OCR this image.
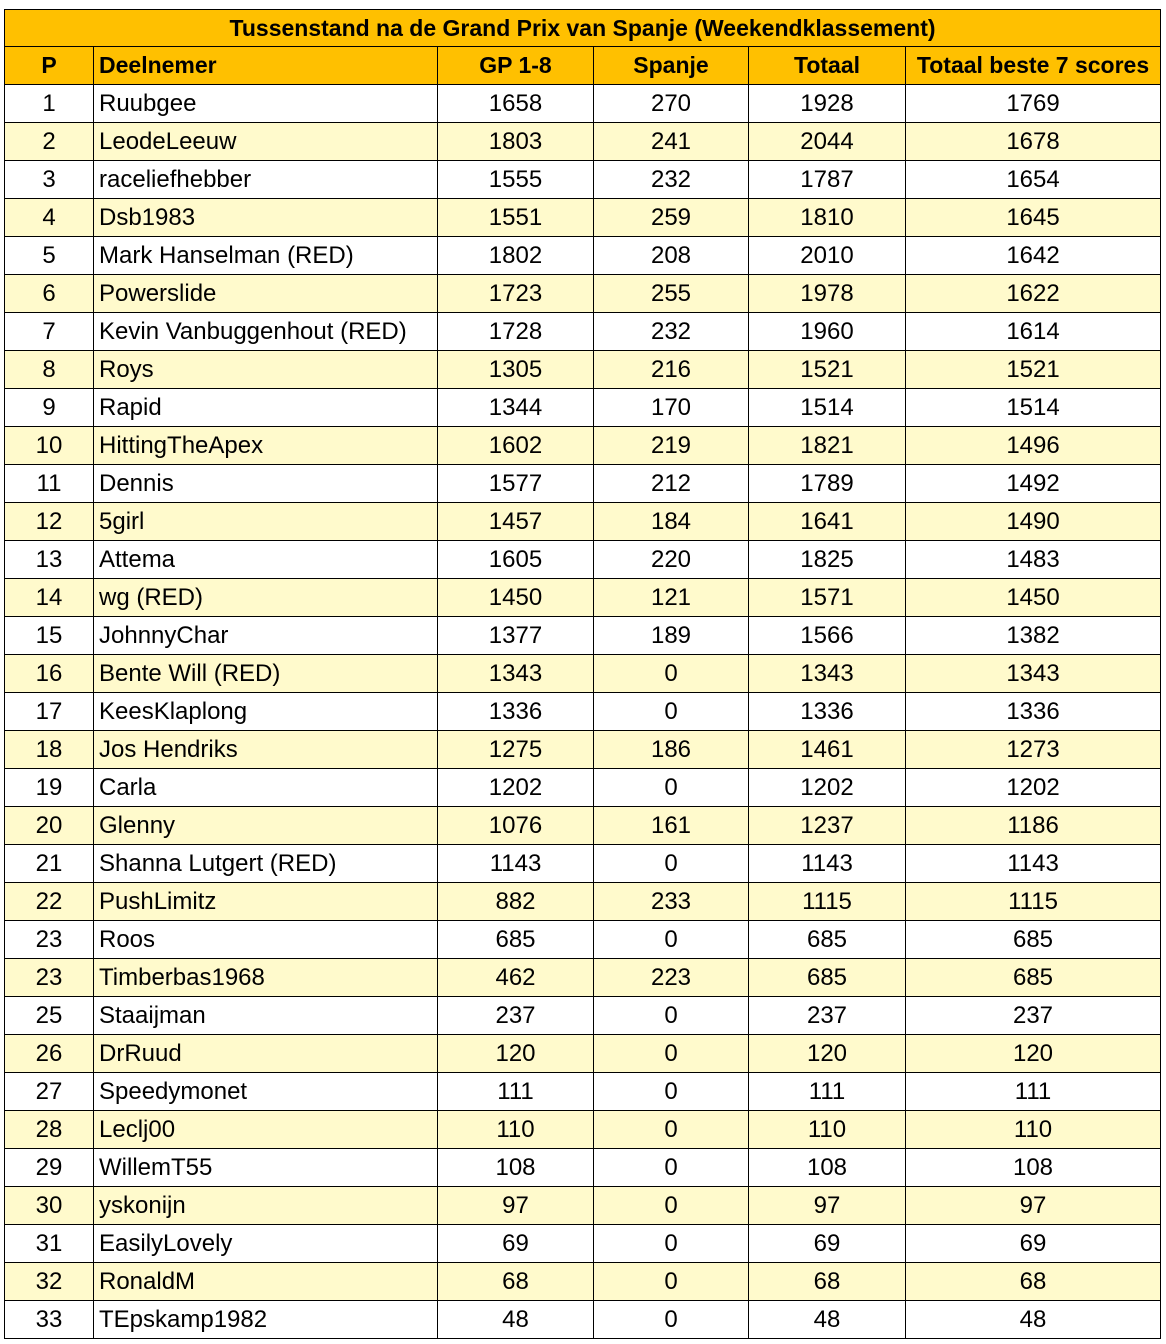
Tussenstand na de Grand Prix van Spanje (Weekendklassement)					
P	Deelnemer	GP 1-8	Spanje	Totaal	Totaal beste 7 scores
1	Ruubgee	1658	270	1928	1769
2	LeodeLeeuw	1803	241	2044	1678
3	raceliefhebber	1555	232	1787	1654
4	Dsb1983	1551	259	1810	1645
5	Mark Hanselman (RED)	1802	208	2010	1642
6	Powerslide	1723	255	1978	1622
7	Kevin Vanbuggenhout (RED)	1728	232	1960	1614
8	Roys	1305	216	1521	1521
9	Rapid	1344	170	1514	1514
10	HittingTheApex	1602	219	1821	1496
11	Dennis	1577	212	1789	1492
12	5girl	1457	184	1641	1490
13	Attema	1605	220	1825	1483
14	wg (RED)	1450	121	1571	1450
15	JohnnyChar	1377	189	1566	1382
16	Bente Will (RED)	1343	0	1343	1343
17	KeesKlaplong	1336	0	1336	1336
18	Jos Hendriks	1275	186	1461	1273
19	Carla	1202	0	1202	1202
20	Glenny	1076	161	1237	1186
21	Shanna Lutgert (RED)	1143	0	1143	1143
22	PushLimitz	882	233	1115	1115
23	Roos	685	0	685	685
23	Timberbas1968	462	223	685	685
25	Staaijman	237	0	237	237
26	DrRuud	120	0	120	120
27	Speedymonet	111	0	111	111
28	Leclj00	110	0	110	110
29	WillemT55	108	0	108	108
30	yskonijn	97	0	97	97
31	EasilyLovely	69	0	69	69
32	RonaldM	68	0	68	68
33	TEpskamp1982	48	0	48	48
